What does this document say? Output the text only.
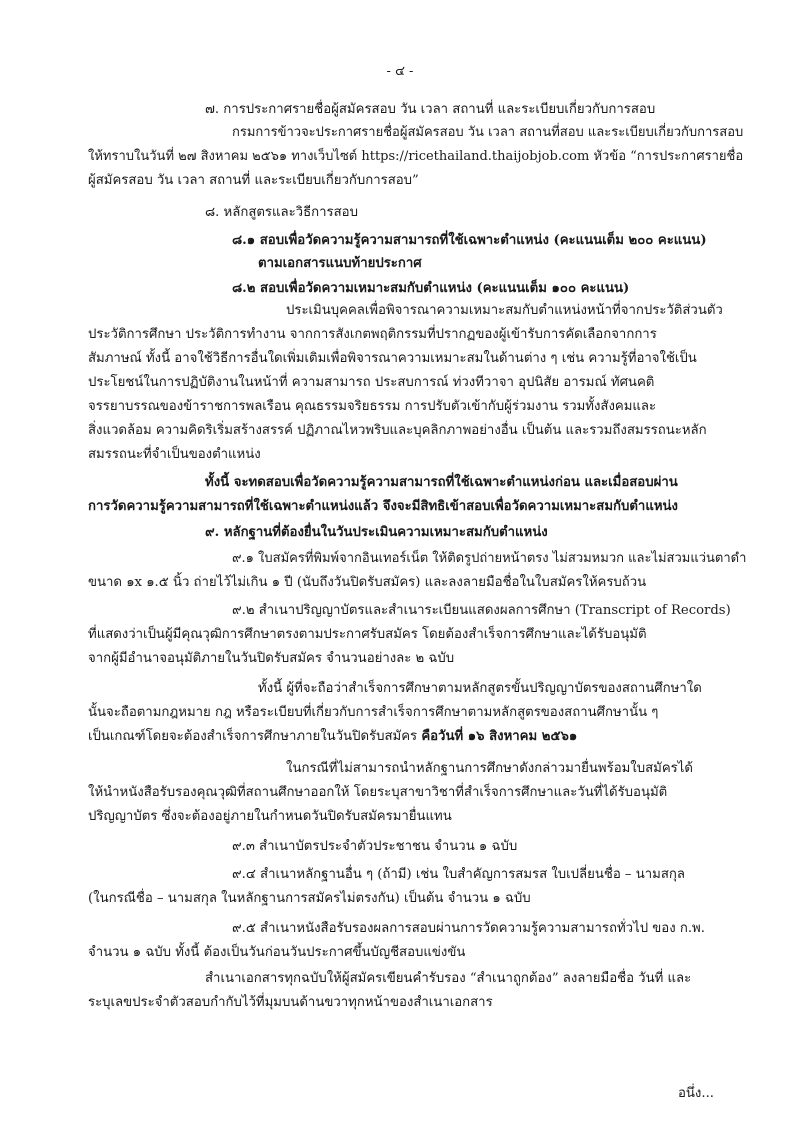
- ๔ -
๗. การประกาศรายชื่อผู้สมัครสอบ วัน เวลา สถานที่ และระเบียบเกี่ยวกับการสอบ
กรมการข้าวจะประกาศรายชื่อผู้สมัครสอบ วัน เวลา สถานที่สอบ และระเบียบเกี่ยวกับการสอบ
ให้ทราบในวันที่ ๒๗ สิงหาคม ๒๕๖๑ ทางเว็บไซต์ https://ricethailand.thaijobjob.com หัวข้อ “การประกาศรายชื่อ
ผู้สมัครสอบ วัน เวลา สถานที่ และระเบียบเกี่ยวกับการสอบ”
๘. หลักสูตรและวิธีการสอบ
๘.๑ สอบเพื่อวัดความรู้ความสามารถที่ใช้เฉพาะตำแหน่ง (คะแนนเต็ม ๒๐๐ คะแนน)
ตามเอกสารแนบท้ายประกาศ
๘.๒ สอบเพื่อวัดความเหมาะสมกับตำแหน่ง (คะแนนเต็ม ๑๐๐ คะแนน)
ประเมินบุคคลเพื่อพิจารณาความเหมาะสมกับตำแหน่งหน้าที่จากประวัติส่วนตัว
ประวัติการศึกษา ประวัติการทำงาน จากการสังเกตพฤติกรรมที่ปรากฏของผู้เข้ารับการคัดเลือกจากการ
สัมภาษณ์ ทั้งนี้ อาจใช้วิธีการอื่นใดเพิ่มเติมเพื่อพิจารณาความเหมาะสมในด้านต่าง ๆ เช่น ความรู้ที่อาจใช้เป็น
ประโยชน์ในการปฏิบัติงานในหน้าที่ ความสามารถ ประสบการณ์ ท่วงทีวาจา อุปนิสัย อารมณ์ ทัศนคติ
จรรยาบรรณของข้าราชการพลเรือน คุณธรรมจริยธรรม การปรับตัวเข้ากับผู้ร่วมงาน รวมทั้งสังคมและ
สิ่งแวดล้อม ความคิดริเริ่มสร้างสรรค์ ปฏิภาณไหวพริบและบุคลิกภาพอย่างอื่น เป็นต้น และรวมถึงสมรรถนะหลัก
สมรรถนะที่จำเป็นของตำแหน่ง
ทั้งนี้ จะทดสอบเพื่อวัดความรู้ความสามารถที่ใช้เฉพาะตำแหน่งก่อน และเมื่อสอบผ่าน
การวัดความรู้ความสามารถที่ใช้เฉพาะตำแหน่งแล้ว จึงจะมีสิทธิเข้าสอบเพื่อวัดความเหมาะสมกับตำแหน่ง
๙. หลักฐานที่ต้องยื่นในวันประเมินความเหมาะสมกับตำแหน่ง
๙.๑ ใบสมัครที่พิมพ์จากอินเทอร์เน็ต ให้ติดรูปถ่ายหน้าตรง ไม่สวมหมวก และไม่สวมแว่นตาดำ
ขนาด ๑x ๑.๕ นิ้ว ถ่ายไว้ไม่เกิน ๑ ปี (นับถึงวันปิดรับสมัคร) และลงลายมือชื่อในใบสมัครให้ครบถ้วน
๙.๒ สำเนาปริญญาบัตรและสำเนาระเบียนแสดงผลการศึกษา (Transcript of Records)
ที่แสดงว่าเป็นผู้มีคุณวุฒิการศึกษาตรงตามประกาศรับสมัคร โดยต้องสำเร็จการศึกษาและได้รับอนุมัติ
จากผู้มีอำนาจอนุมัติภายในวันปิดรับสมัคร จำนวนอย่างละ ๒ ฉบับ
ทั้งนี้ ผู้ที่จะถือว่าสำเร็จการศึกษาตามหลักสูตรขั้นปริญญาบัตรของสถานศึกษาใด
นั้นจะถือตามกฎหมาย กฎ หรือระเบียบที่เกี่ยวกับการสำเร็จการศึกษาตามหลักสูตรของสถานศึกษานั้น ๆ
เป็นเกณฑ์โดยจะต้องสำเร็จการศึกษาภายในวันปิดรับสมัคร คือวันที่ ๑๖ สิงหาคม ๒๕๖๑
ในกรณีที่ไม่สามารถนำหลักฐานการศึกษาดังกล่าวมายื่นพร้อมใบสมัครได้
ให้นำหนังสือรับรองคุณวุฒิที่สถานศึกษาออกให้ โดยระบุสาขาวิชาที่สำเร็จการศึกษาและวันที่ได้รับอนุมัติ
ปริญญาบัตร ซึ่งจะต้องอยู่ภายในกำหนดวันปิดรับสมัครมายื่นแทน
๙.๓ สำเนาบัตรประจำตัวประชาชน จำนวน ๑ ฉบับ
๙.๔ สำเนาหลักฐานอื่น ๆ (ถ้ามี) เช่น ใบสำคัญการสมรส ใบเปลี่ยนชื่อ – นามสกุล
(ในกรณีชื่อ – นามสกุล ในหลักฐานการสมัครไม่ตรงกัน) เป็นต้น จำนวน ๑ ฉบับ
๙.๕ สำเนาหนังสือรับรองผลการสอบผ่านการวัดความรู้ความสามารถทั่วไป ของ ก.พ.
จำนวน ๑ ฉบับ ทั้งนี้ ต้องเป็นวันก่อนวันประกาศขึ้นบัญชีสอบแข่งขัน
สำเนาเอกสารทุกฉบับให้ผู้สมัครเขียนคำรับรอง “สำเนาถูกต้อง” ลงลายมือชื่อ วันที่ และ
ระบุเลขประจำตัวสอบกำกับไว้ที่มุมบนด้านขวาทุกหน้าของสำเนาเอกสาร
อนึ่ง...
